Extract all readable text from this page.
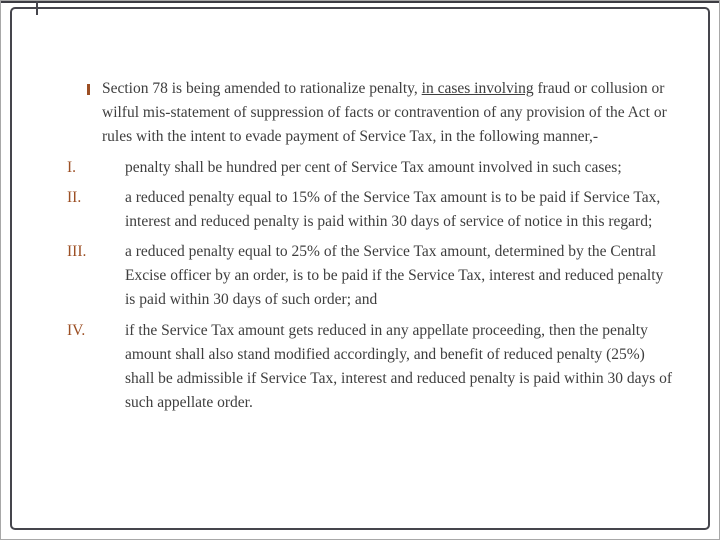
Section 78 is being amended to rationalize penalty, in cases involving fraud or collusion or wilful mis-statement of suppression of facts or contravention of any provision of the Act or rules with the intent to evade payment of Service Tax, in the following manner,-

I.	penalty shall be hundred per cent of Service Tax amount involved in such cases;

II.	a reduced penalty equal to 15% of the Service Tax amount is to be paid if Service Tax, interest and reduced penalty is paid within 30 days of service of notice in this regard;

III.	a reduced penalty equal to 25% of the Service Tax amount, determined by the Central Excise officer by an order, is to be paid if the Service Tax, interest and reduced penalty is paid within 30 days of such order; and

IV.	if the Service Tax amount gets reduced in any appellate proceeding, then the penalty amount shall also stand modified accordingly, and benefit of reduced penalty (25%) shall be admissible if Service Tax, interest and reduced penalty is paid within 30 days of such appellate order.
